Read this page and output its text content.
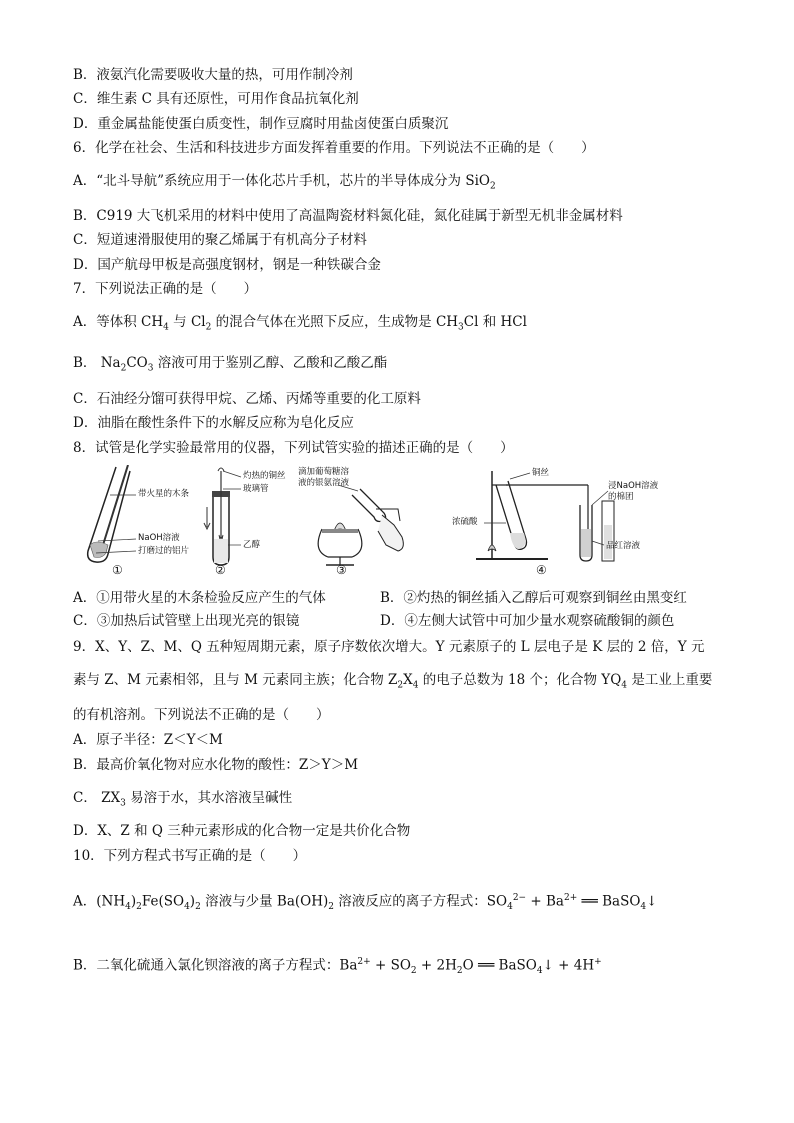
B．液氨汽化需要吸收大量的热，可用作制冷剂
C．维生素 C 具有还原性，可用作食品抗氧化剂
D．重金属盐能使蛋白质变性，制作豆腐时用盐卤使蛋白质聚沉
6．化学在社会、生活和科技进步方面发挥着重要的作用。下列说法不正确的是（　　）
A．“北斗导航”系统应用于一体化芯片手机，芯片的半导体成分为 SiO$_2$
B．C919 大飞机采用的材料中使用了高温陶瓷材料氮化硅，氮化硅属于新型无机非金属材料
C．短道速滑服使用的聚乙烯属于有机高分子材料
D．国产航母甲板是高强度钢材，钢是一种铁碳合金
7．下列说法正确的是（　　）
A．等体积 $CH_4$ 与 $Cl_2$ 的混合气体在光照下反应，生成物是 $CH_3Cl$ 和 HCl
B． $Na_2CO_3$ 溶液可用于鉴别乙醇、乙酸和乙酸乙酯
C．石油经分馏可获得甲烷、乙烯、丙烯等重要的化工原料
D．油脂在酸性条件下的水解反应称为皂化反应
8．试管是化学实验最常用的仪器，下列试管实验的描述正确的是（　　）
带火星的木条
NaOH溶液
打磨过的铝片
①
灼热的铜丝
玻璃管
乙醇
②
滴加葡萄糖溶
液的银氨溶液
③
铜丝
浸NaOH溶液
的棉团
浓硫酸
品红溶液
④
A．①用带火星的木条检验反应产生的气体	B．②灼热的铜丝插入乙醇后可观察到铜丝由黑变红
C．③加热后试管壁上出现光亮的银镜	D．④左侧大试管中可加少量水观察硫酸铜的颜色
9．X、Y、Z、M、Q 五种短周期元素，原子序数依次增大。Y 元素原子的 L 层电子是 K 层的 2 倍，Y 元
素与 Z、M 元素相邻，且与 M 元素同主族；化合物 $Z_2X_4$ 的电子总数为 18 个；化合物 $YQ_4$ 是工业上重要
的有机溶剂。下列说法不正确的是（　　）
A．原子半径：Z＜Y＜M
B．最高价氧化物对应水化物的酸性：Z＞Y＞M
C． $ZX_3$ 易溶于水，其水溶液呈碱性
D．X、Z 和 Q 三种元素形成的化合物一定是共价化合物
10．下列方程式书写正确的是（　　）
A．$(NH_4)_2Fe(SO_4)_2$ 溶液与少量 $Ba(OH)_2$ 溶液反应的离子方程式：$SO_4^{2-} + Ba^{2+}$ ══ BaSO$_4$↓
B．二氧化硫通入氯化钡溶液的离子方程式：$Ba^{2+} + SO_2 + 2H_2O$ ══ BaSO$_4$↓ + 4H+
